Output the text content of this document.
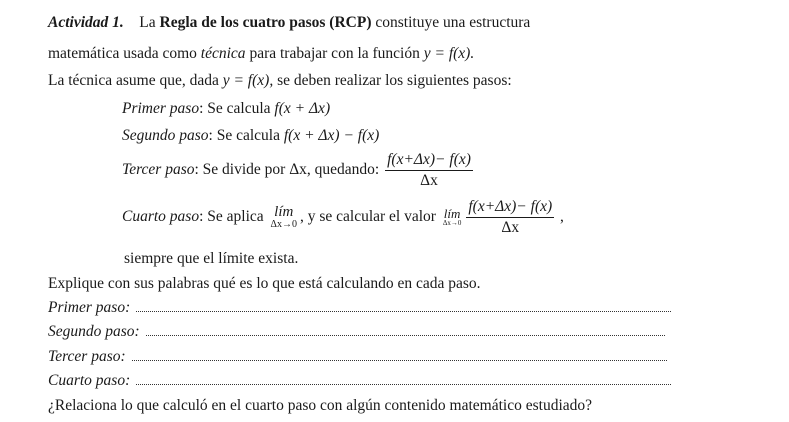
Actividad 1. La Regla de los cuatro pasos (RCP) constituye una estructura
matemática usada como técnica para trabajar con la función y = f(x).
La técnica asume que, dada y = f(x), se deben realizar los siguientes pasos:
Primer paso: Se calcula f(x + Δx)
Segundo paso: Se calcula f(x + Δx) − f(x)
Tercer paso: Se divide por Δx, quedando: $\frac{f(x+\Delta x)- f(x)}{\Delta x}$
Cuarto paso: Se aplica lím
Δx→0 , y se calcular el valor lím
$\Delta x\to 0 \frac{f(x+\Delta x)- f(x)}{\Delta x}$ ,
siempre que el límite exista.
Explique con sus palabras qué es lo que está calculando en cada paso.
Primer paso:
Segundo paso:
Tercer paso:
Cuarto paso:
¿Relaciona lo que calculó en el cuarto paso con algún contenido matemático estudiado?
